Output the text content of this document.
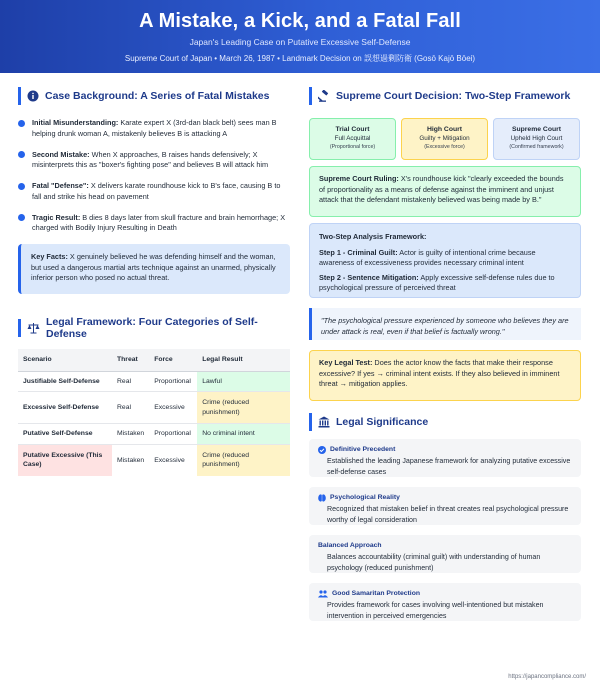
A Mistake, a Kick, and a Fatal Fall
Japan's Leading Case on Putative Excessive Self-Defense
Supreme Court of Japan • March 26, 1987 • Landmark Decision on 誤想過剰防衛 (Gosō Kajō Bōei)
Case Background: A Series of Fatal Mistakes
Initial Misunderstanding: Karate expert X (3rd-dan black belt) sees man B helping drunk woman A, mistakenly believes B is attacking A
Second Mistake: When X approaches, B raises hands defensively; X misinterprets this as "boxer's fighting pose" and believes B will attack him
Fatal "Defense": X delivers karate roundhouse kick to B's face, causing B to fall and strike his head on pavement
Tragic Result: B dies 8 days later from skull fracture and brain hemorrhage; X charged with Bodily Injury Resulting in Death
Key Facts: X genuinely believed he was defending himself and the woman, but used a dangerous martial arts technique against an unarmed, physically inferior person who posed no actual threat.
Legal Framework: Four Categories of Self-Defense
Scenario	Threat	Force	Legal Result
Justifiable Self-Defense	Real	Proportional	Lawful
Excessive Self-Defense	Real	Excessive	Crime (reduced punishment)
Putative Self-Defense	Mistaken	Proportional	No criminal intent
Putative Excessive (This Case)	Mistaken	Excessive	Crime (reduced punishment)
Supreme Court Decision: Two-Step Framework
Trial Court
Full Acquittal
(Proportional force)
High Court
Guilty + Mitigation
(Excessive force)
Supreme Court
Upheld High Court
(Confirmed framework)
Supreme Court Ruling: X's roundhouse kick "clearly exceeded the bounds of proportionality as a means of defense against the imminent and unjust attack that the defendant mistakenly believed was being made by B."
Two-Step Analysis Framework:

Step 1 - Criminal Guilt: Actor is guilty of intentional crime because awareness of excessiveness provides necessary criminal intent

Step 2 - Sentence Mitigation: Apply excessive self-defense rules due to psychological pressure of perceived threat

"The psychological pressure experienced by someone who believes they are under attack is real, even if that belief is factually wrong."
Key Legal Test: Does the actor know the facts that make their response excessive? If yes → criminal intent exists. If they also believed in imminent threat → mitigation applies.
Legal Significance
Definitive Precedent
Established the leading Japanese framework for analyzing putative excessive self-defense cases
Psychological Reality
Recognized that mistaken belief in threat creates real psychological pressure worthy of legal consideration
Balanced Approach
Balances accountability (criminal guilt) with understanding of human psychology (reduced punishment)
Good Samaritan Protection
Provides framework for cases involving well-intentioned but mistaken intervention in perceived emergencies
https://japancompliance.com/
